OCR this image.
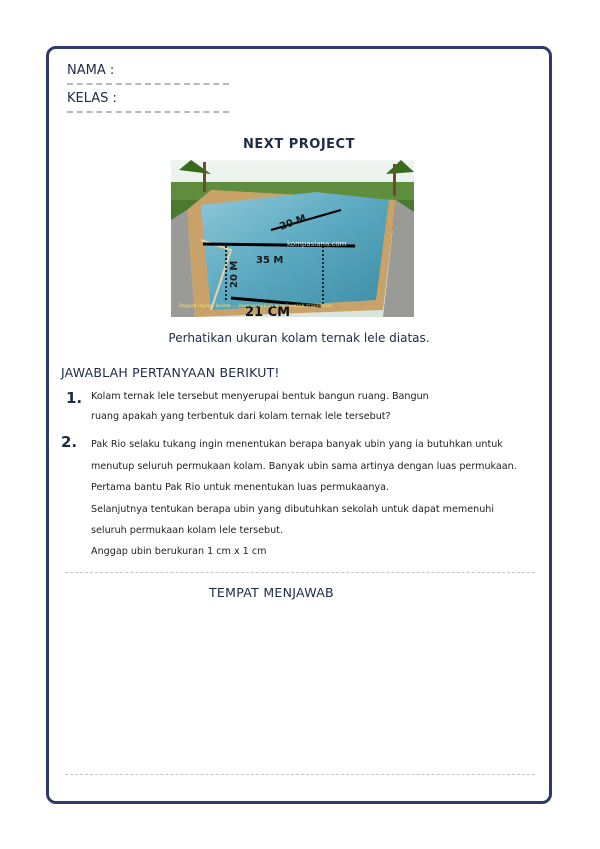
NAMA :
KELAS :
NEXT PROJECT
20 M
35 M
20 M
21 CM
kompasiana.com
Bagian dalam kolam ... menunjukkan membentuk trapesium
Perhatikan ukuran kolam ternak lele diatas.
JAWABLAH PERTANYAAN BERIKUT!
1. Kolam ternak lele tersebut menyerupai bentuk bangun ruang. Bangun
ruang apakah yang terbentuk dari kolam ternak lele tersebut?
2. Pak Rio selaku tukang ingin menentukan berapa banyak ubin yang ia butuhkan untuk
menutup seluruh permukaan kolam. Banyak ubin sama artinya dengan luas permukaan.
Pertama bantu Pak Rio untuk menentukan luas permukaanya.
Selanjutnya tentukan berapa ubin yang dibutuhkan sekolah untuk dapat memenuhi
seluruh permukaan kolam lele tersebut.
Anggap ubin berukuran 1 cm x 1 cm
TEMPAT MENJAWAB
